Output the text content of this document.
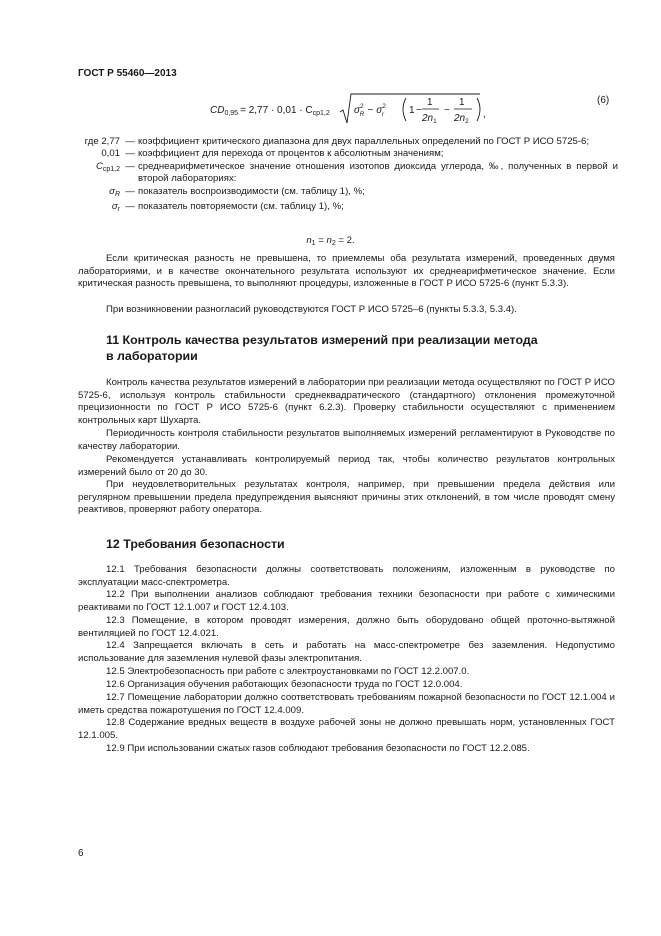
ГОСТ Р 55460—2013
$CD_{0,95} = 2,77 \cdot 0,01 \cdot C_{ср1,2}$ $\sigma^2$ $R - \sigma^2$ r 1 −
1
$2n_1$
−
1
$2n_2$
,
(6)
где 2,77 — коэффициент критического диапазона для двух параллельных определений по ГОСТ Р ИСО 5725-6;
0,01 — коэффициент для перехода от процентов к абсолютным значениям;
$C_{ср1,2}$ — среднеарифметическое значение отношения изотопов диоксида углерода, ‰, полученных в первой и второй лабораториях:
$\sigma_R$ — показатель воспроизводимости (см. таблицу 1), %;
$\sigma_r$ — показатель повторяемости (см. таблицу 1), %;
$n_1 = n_2 = 2$.

Если критическая разность не превышена, то приемлемы оба результата измерений, проведенных двумя лабораториями, и в качестве окончательного результата используют их среднеарифметическое значение. Если критическая разность превышена, то выполняют процедуры, изложенные в ГОСТ Р ИСО 5725-6 (пункт 5.3.3).

При возникновении разногласий руководствуются ГОСТ Р ИСО 5725–6 (пункты 5.3.3, 5.3.4).

11 Контроль качества результатов измерений при реализации метода
в лаборатории

Контроль качества результатов измерений в лаборатории при реализации метода осуществляют по ГОСТ Р ИСО 5725-6, используя контроль стабильности среднеквадратического (стандартного) отклонения промежуточной прецизионности по ГОСТ Р ИСО 5725-6 (пункт 6.2.3). Проверку стабильности осуществляют с применением контрольных карт Шухарта.

Периодичность контроля стабильности результатов выполняемых измерений регламентируют в Руководстве по качеству лаборатории.

Рекомендуется устанавливать контролируемый период так, чтобы количество результатов контрольных измерений было от 20 до 30.

При неудовлетворительных результатах контроля, например, при превышении предела действия или регулярном превышении предела предупреждения выясняют причины этих отклонений, в том числе проводят смену реактивов, проверяют работу оператора.

12 Требования безопасности

12.1 Требования безопасности должны соответствовать положениям, изложенным в руководстве по эксплуатации масс-спектрометра.

12.2 При выполнении анализов соблюдают требования техники безопасности при работе с химическими реактивами по ГОСТ 12.1.007 и ГОСТ 12.4.103.

12.3 Помещение, в котором проводят измерения, должно быть оборудовано общей проточно-вытяжной вентиляцией по ГОСТ 12.4.021.

12.4 Запрещается включать в сеть и работать на масс-спектрометре без заземления. Недопустимо использование для заземления нулевой фазы электропитания.

12.5 Электробезопасность при работе с электроустановками по ГОСТ 12.2.007.0.

12.6 Организация обучения работающих безопасности труда по ГОСТ 12.0.004.

12.7 Помещение лаборатории должно соответствовать требованиям пожарной безопасности по ГОСТ 12.1.004 и иметь средства пожаротушения по ГОСТ 12.4.009.

12.8 Содержание вредных веществ в воздухе рабочей зоны не должно превышать норм, установленных ГОСТ 12.1.005.

12.9 При использовании сжатых газов соблюдают требования безопасности по ГОСТ 12.2.085.

6
